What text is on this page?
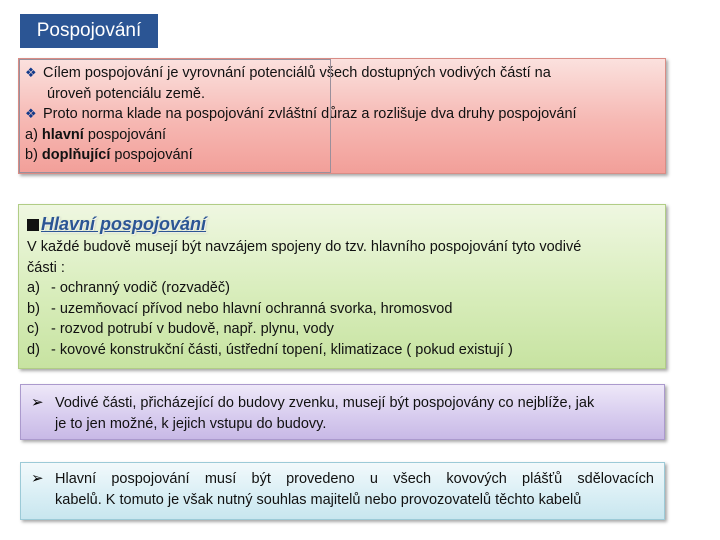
Pospojování
❖ Cílem pospojování je vyrovnání potenciálů všech dostupných vodivých částí na
úroveň potenciálu země.
❖ Proto norma klade na pospojování zvláštní důraz a rozlišuje dva druhy pospojování
a) hlavní pospojování
b) doplňující pospojování
Hlavní pospojování
V každé budově musejí být navzájem spojeny do tzv. hlavního pospojování tyto vodivé
části :
a) - ochranný vodič (rozvaděč)
b) - uzemňovací přívod nebo hlavní ochranná svorka, hromosvod
c) - rozvod potrubí v budově, např. plynu, vody
d) - kovové konstrukční části, ústřední topení, klimatizace ( pokud existují )
➢ Vodivé části, přicházející do budovy zvenku, musejí být pospojovány co nejblíže, jak
je to jen možné, k jejich vstupu do budovy.
➢ Hlavní pospojování musí být provedeno u všech kovových plášťů sdělovacích
kabelů. K tomuto je však nutný souhlas majitelů nebo provozovatelů těchto kabelů
